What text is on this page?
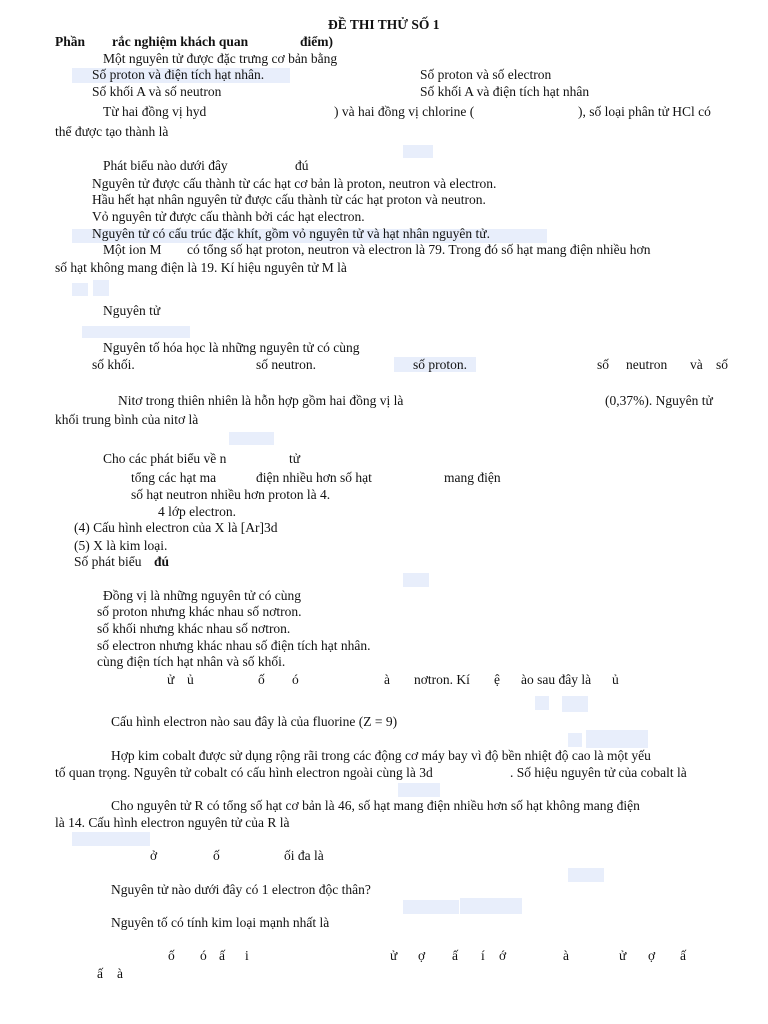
ĐỀ THI THỬ SỐ 1
Phần rắc nghiệm khách quan	điểm)
Một nguyên tử được đặc trưng cơ bản bằng
Số proton và điện tích hạt nhân.	Số proton và số electron
Số khối A và số neutron	Số khối A và điện tích hạt nhân
Từ hai đồng vị hyd	) và hai đồng vị chlorine (	), số loại phân tử HCl có
thể được tạo thành là
Phát biểu nào dưới đây	đú
Nguyên tử được cấu thành từ các hạt cơ bản là proton, neutron và electron.
Hầu hết hạt nhân nguyên tử được cấu thành từ các hạt proton và neutron.
Vỏ nguyên tử được cấu thành bởi các hạt electron.
Nguyên tử có cấu trúc đặc khít, gồm vỏ nguyên tử và hạt nhân nguyên tử.
Một ion M có tổng số hạt proton, neutron và electron là 79. Trong đó số hạt mang điện nhiều hơn
số hạt không mang điện là 19. Kí hiệu nguyên tử M là
Nguyên tử
Nguyên tố hóa học là những nguyên tử có cùng
số khối.	số neutron.	số proton.	số neutron và số
Nitơ trong thiên nhiên là hỗn hợp gồm hai đồng vị là	(0,37%). Nguyên tử
khối trung bình của nitơ là
Cho các phát biểu về n	tử
tổng các hạt ma	điện nhiều hơn số hạt	mang điện
số hạt neutron nhiều hơn proton là 4.
4 lớp electron.
(4) Cấu hình electron của X là [Ar]3d
(5) X là kim loại.
Số phát biểu đú
Đồng vị là những nguyên tử có cùng
số proton nhưng khác nhau số nơtron.
số khối nhưng khác nhau số nơtron.
số electron nhưng khác nhau số điện tích hạt nhân.
cùng điện tích hạt nhân và số khối.
ử ủ	ố ó	à nơtron. Kí ệ ào sau đây là ủ
Cấu hình electron nào sau đây là của fluorine (Z = 9)
Hợp kim cobalt được sử dụng rộng rãi trong các động cơ máy bay vì độ bền nhiệt độ cao là một yếu
tố quan trọng. Nguyên tử cobalt có cấu hình electron ngoài cùng là 3d	. Số hiệu nguyên tử của cobalt là
Cho nguyên tử R có tổng số hạt cơ bản là 46, số hạt mang điện nhiều hơn số hạt không mang điện
là 14. Cấu hình electron nguyên tử của R là
ở	ố	ối đa là
Nguyên tử nào dưới đây có 1 electron độc thân?
Nguyên tố có tính kim loại mạnh nhất là
ố ó ấ i	ử ợ ấ í ớ	à	ử ợ ấ
ấ à
